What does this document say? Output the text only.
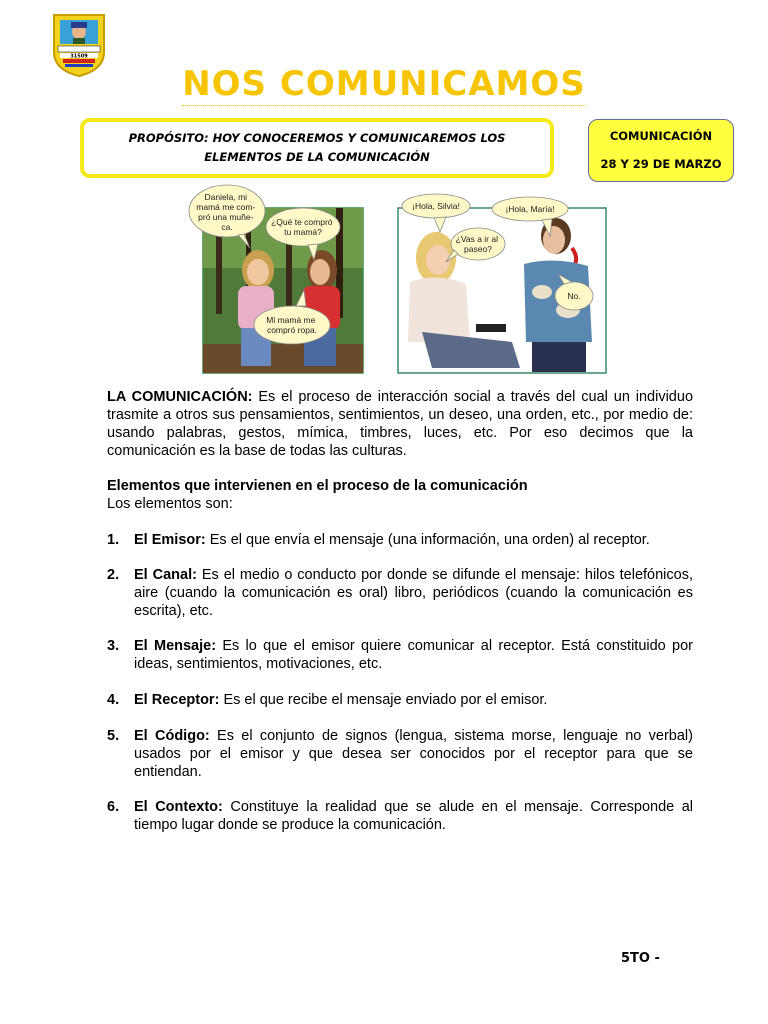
31509
NOS COMUNICAMOS
PROPÓSITO: HOY CONOCEREMOS Y COMUNICAREMOS LOS ELEMENTOS DE LA COMUNICACIÓN
COMUNICACIÓN
28 Y 29 DE MARZO
Daniela, mi mamá me com- pró una muñe- ca.	¿Qué te compró tu mamá?
Mi mamá me compró ropa.
¡Hola, Silvia!	¡Hola, María!
¿Vas a ir al paseo?
No.
LA COMUNICACIÓN: Es el proceso de interacción social a través del cual un individuo trasmite a otros sus pensamientos, sentimientos, un deseo, una orden, etc., por medio de: usando palabras, gestos, mímica, timbres, luces, etc. Por eso decimos que la comunicación es la base de todas las culturas.
Elementos que intervienen en el proceso de la comunicación
Los elementos son:
1. El Emisor: Es el que envía el mensaje (una información, una orden) al receptor.
2. El Canal: Es el medio o conducto por donde se difunde el mensaje: hilos telefónicos, aire (cuando la comunicación es oral) libro, periódicos (cuando la comunicación es escrita), etc.
3. El Mensaje: Es lo que el emisor quiere comunicar al receptor. Está constituido por ideas, sentimientos, motivaciones, etc.
4. El Receptor: Es el que recibe el mensaje enviado por el emisor.
5. El Código: Es el conjunto de signos (lengua, sistema morse, lenguaje no verbal) usados por el emisor y que desea ser conocidos por el receptor para que se entiendan.
6. El Contexto: Constituye la realidad que se alude en el mensaje. Corresponde al tiempo lugar donde se produce la comunicación.
5TO -
